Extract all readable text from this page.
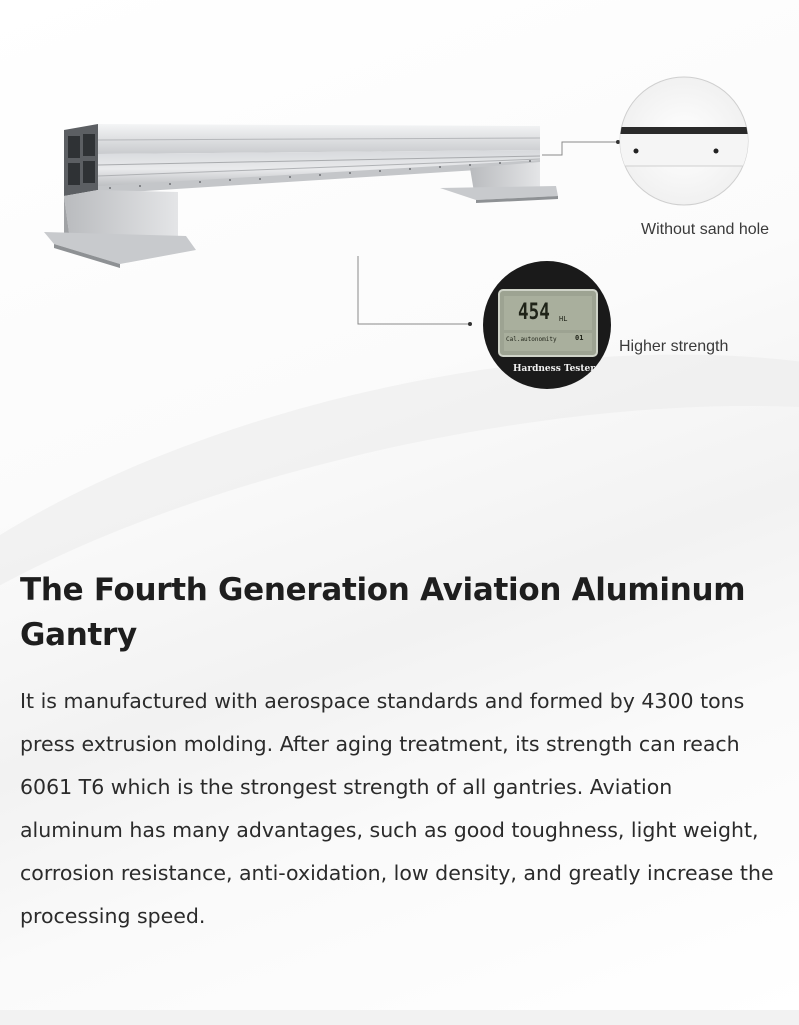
454 HL
Cal.autonomity	01
Hardness Tester
Without sand hole
Higher strength
The Fourth Generation Aviation Aluminum Gantry

It is manufactured with aerospace standards and formed by 4300 tons press extrusion molding. After aging treatment, its strength can reach 6061 T6 which is the strongest strength of all gantries. Aviation aluminum has many advantages, such as good toughness, light weight, corrosion resistance, anti-oxidation, low density, and greatly increase the processing speed.
